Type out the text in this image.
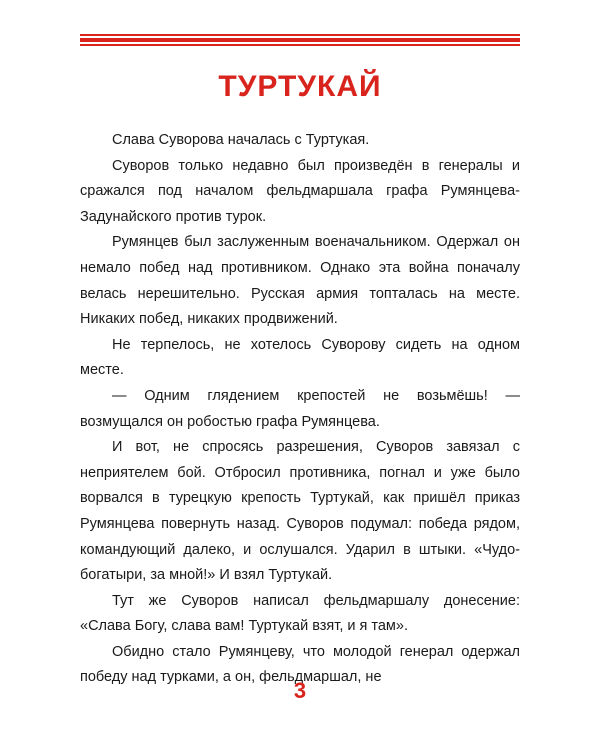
ТУРТУКАЙ

Слава Суворова началась с Туртукая.

Суворов только недавно был произведён в генералы и сражался под началом фельдмаршала графа Румянцева-Задунайского против турок.

Румянцев был заслуженным военачальником. Одержал он немало побед над противником. Однако эта война поначалу велась нерешительно. Русская армия топталась на месте. Никаких побед, никаких продвижений.

Не терпелось, не хотелось Суворову сидеть на одном месте.

— Одним глядением крепостей не возьмёшь! — возмущался он робостью графа Румянцева.

И вот, не спросясь разрешения, Суворов завязал с неприятелем бой. Отбросил противника, погнал и уже было ворвался в турецкую крепость Туртукай, как пришёл приказ Румянцева повернуть назад. Суворов подумал: победа рядом, командующий далеко, и ослушался. Ударил в штыки. «Чудо-богатыри, за мной!» И взял Туртукай.

Тут же Суворов написал фельдмаршалу донесение: «Слава Богу, слава вам! Туртукай взят, и я там».

Обидно стало Румянцеву, что молодой генерал одержал победу над турками, а он, фельдмаршал, не

3
